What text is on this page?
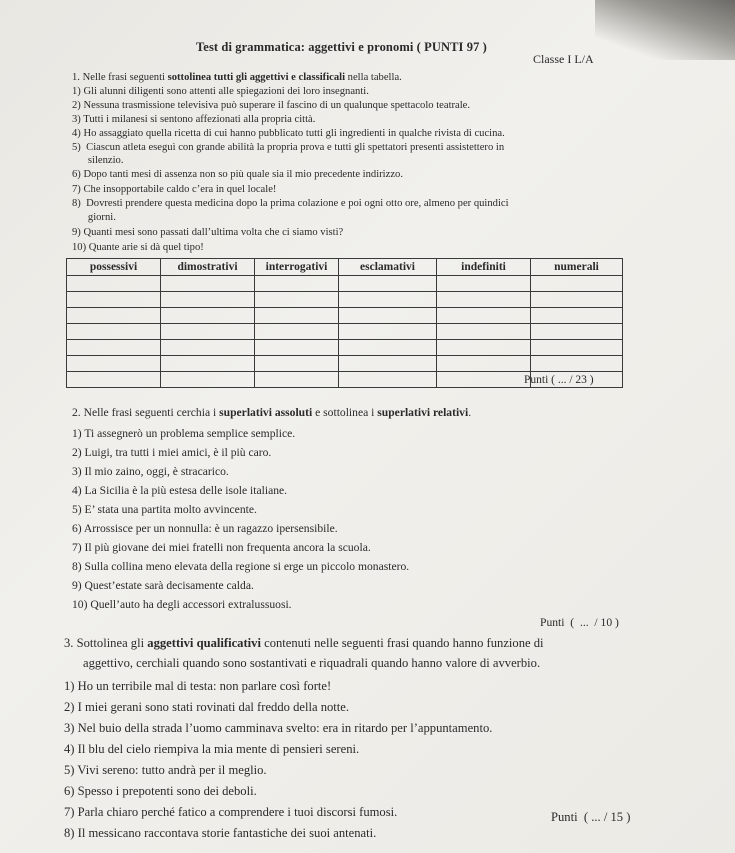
Test di grammatica: aggettivi e pronomi ( PUNTI 97 )
Classe I L/A
1. Nelle frasi seguenti sottolinea tutti gli aggettivi e classificali nella tabella.
1) Gli alunni diligenti sono attenti alle spiegazioni dei loro insegnanti.
2) Nessuna trasmissione televisiva può superare il fascino di un qualunque spettacolo teatrale.
3) Tutti i milanesi si sentono affezionati alla propria città.
4) Ho assaggiato quella ricetta di cui hanno pubblicato tutti gli ingredienti in qualche rivista di cucina.
5)  Ciascun atleta eseguì con grande abilità la propria prova e tutti gli spettatori presenti assistettero in
silenzio.
6) Dopo tanti mesi di assenza non so più quale sia il mio precedente indirizzo.
7) Che insopportabile caldo c’era in quel locale!
8)  Dovresti prendere questa medicina dopo la prima colazione e poi ogni otto ore, almeno per quindici
giorni.
9) Quanti mesi sono passati dall’ultima volta che ci siamo visti?
10) Quante arie si dà quel tipo!
possessivi	dimostrativi	interrogativi	esclamativi	indefiniti	numerali

Punti ( ... / 23 )
2. Nelle frasi seguenti cerchia i superlativi assoluti e sottolinea i superlativi relativi.
1) Ti assegnerò un problema semplice semplice.
2) Luigi, tra tutti i miei amici, è il più caro.
3) Il mio zaino, oggi, è stracarico.
4) La Sicilia è la più estesa delle isole italiane.
5) E’ stata una partita molto avvincente.
6) Arrossisce per un nonnulla: è un ragazzo ipersensibile.
7) Il più giovane dei miei fratelli non frequenta ancora la scuola.
8) Sulla collina meno elevata della regione si erge un piccolo monastero.
9) Quest’estate sarà decisamente calda.
10) Quell’auto ha degli accessori extralussuosi.
Punti  (  ...  / 10 )
3. Sottolinea gli aggettivi qualificativi contenuti nelle seguenti frasi quando hanno funzione di
aggettivo, cerchiali quando sono sostantivati e riquadrali quando hanno valore di avverbio.
1) Ho un terribile mal di testa: non parlare così forte!
2) I miei gerani sono stati rovinati dal freddo della notte.
3) Nel buio della strada l’uomo camminava svelto: era in ritardo per l’appuntamento.
4) Il blu del cielo riempiva la mia mente di pensieri sereni.
5) Vivi sereno: tutto andrà per il meglio.
6) Spesso i prepotenti sono dei deboli.
7) Parla chiaro perché fatico a comprendere i tuoi discorsi fumosi.
8) Il messicano raccontava storie fantastiche dei suoi antenati.
Punti  ( ... / 15 )
